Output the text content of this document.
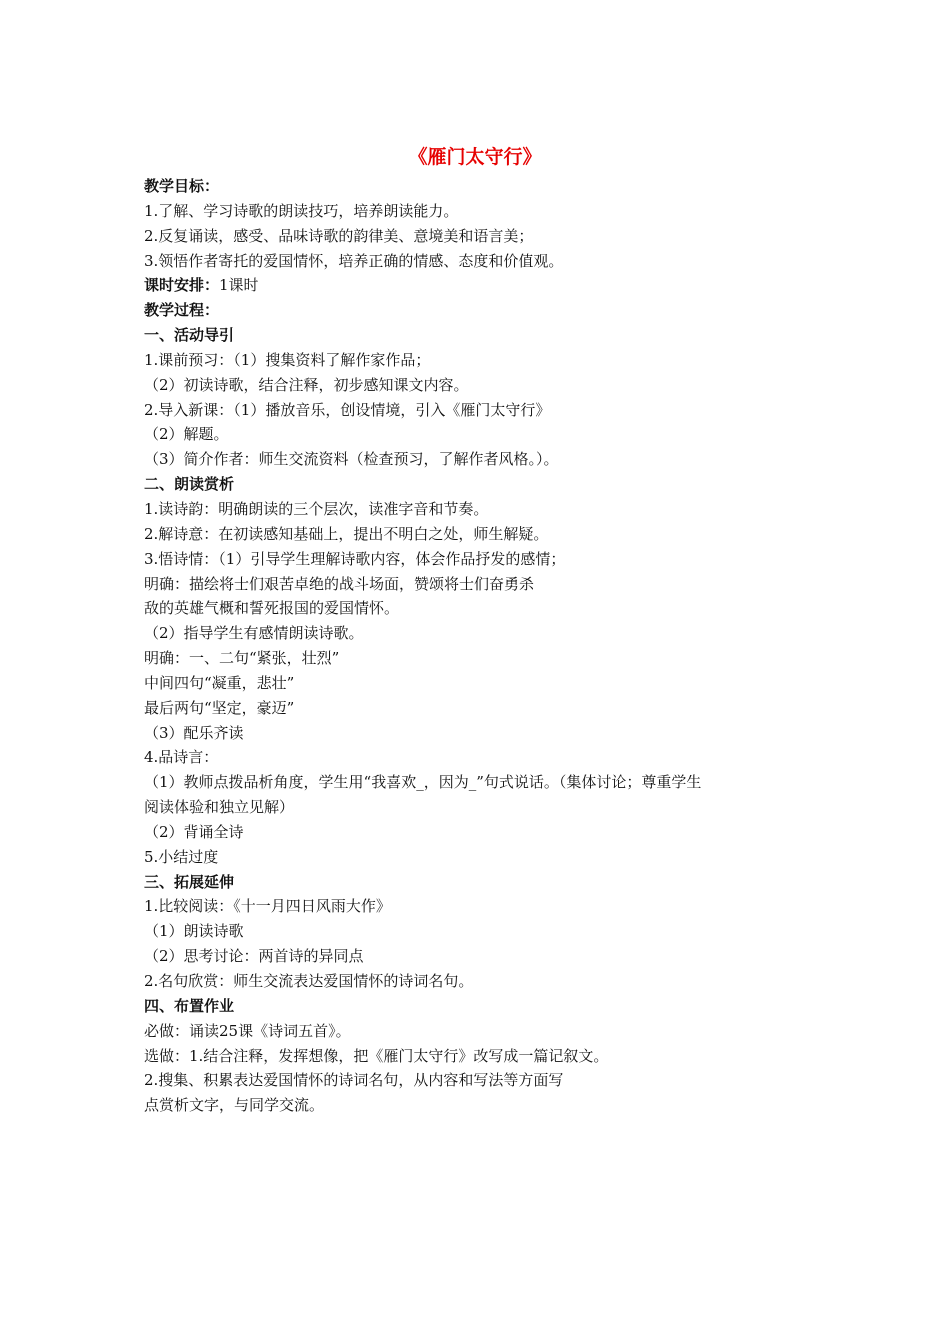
《雁门太守行》
教学目标：
1.了解、学习诗歌的朗读技巧，培养朗读能力。
2.反复诵读，感受、品味诗歌的韵律美、意境美和语言美；
3.领悟作者寄托的爱国情怀，培养正确的情感、态度和价值观。
课时安排：1课时
教学过程：
一、活动导引
1.课前预习：（1）搜集资料了解作家作品；
（2）初读诗歌，结合注释，初步感知课文内容。
2.导入新课：（1）播放音乐，创设情境，引入《雁门太守行》
（2）解题。
（3）简介作者：师生交流资料（检查预习，了解作者风格。）。
二、朗读赏析
1.读诗韵：明确朗读的三个层次，读准字音和节奏。
2.解诗意：在初读感知基础上，提出不明白之处，师生解疑。
3.悟诗情：（1）引导学生理解诗歌内容，体会作品抒发的感情；
明确：描绘将士们艰苦卓绝的战斗场面，赞颂将士们奋勇杀
敌的英雄气概和誓死报国的爱国情怀。
（2）指导学生有感情朗读诗歌。
明确：一、二句“紧张，壮烈”
中间四句“凝重，悲壮”
最后两句“坚定，豪迈”
（3）配乐齐读
4.品诗言：
（1）教师点拨品析角度，学生用“我喜欢_，因为_”句式说话。（集体讨论；尊重学生
阅读体验和独立见解）
（2）背诵全诗
5.小结过度
三、拓展延伸
1.比较阅读：《十一月四日风雨大作》
（1）朗读诗歌
（2）思考讨论：两首诗的异同点
2.名句欣赏：师生交流表达爱国情怀的诗词名句。
四、布置作业
必做：诵读25课《诗词五首》。
选做：1.结合注释，发挥想像，把《雁门太守行》改写成一篇记叙文。
2.搜集、积累表达爱国情怀的诗词名句，从内容和写法等方面写
点赏析文字，与同学交流。
